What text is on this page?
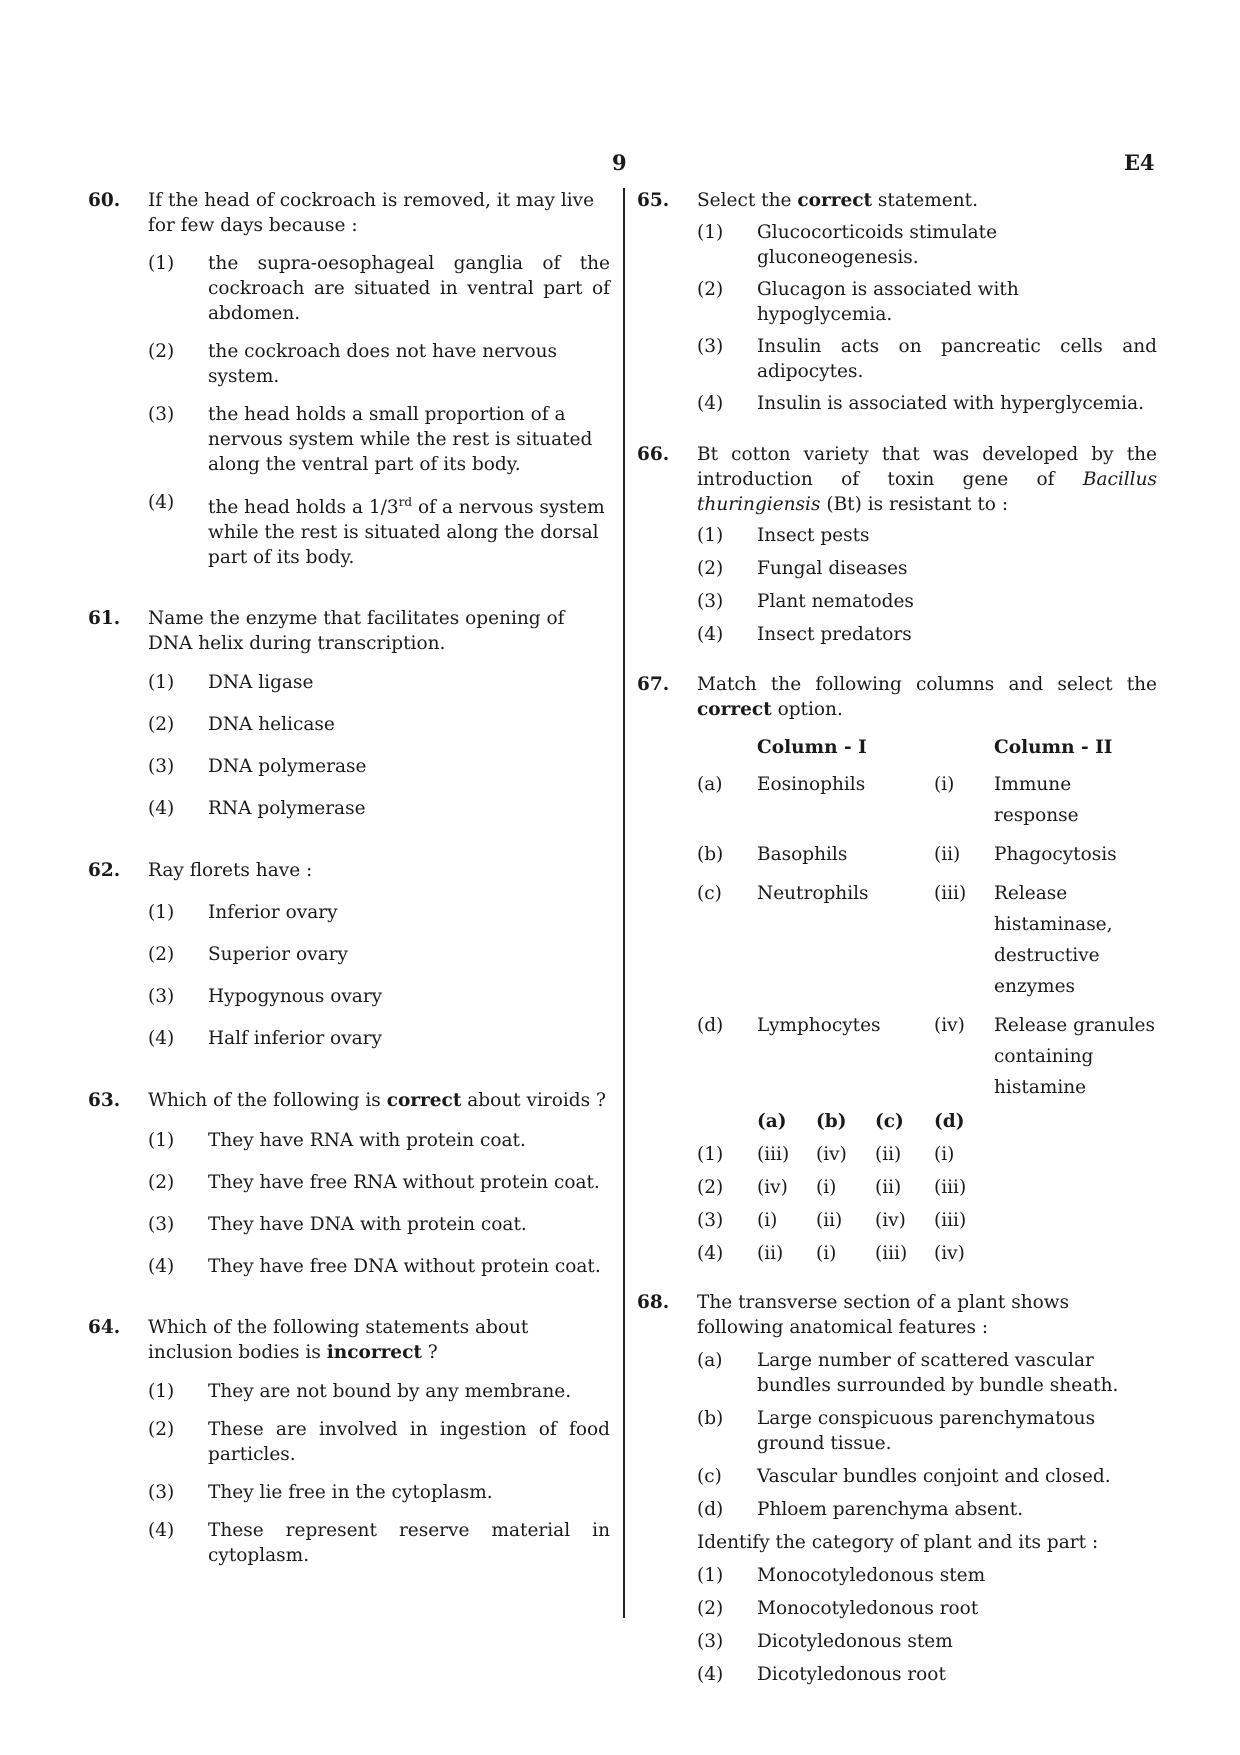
9	E4
60.	If the head of cockroach is removed, it may live for few days because :
(1)	the supra-oesophageal ganglia of the cockroach are situated in ventral part of abdomen.
(2)	the cockroach does not have nervous system.
(3)	the head holds a small proportion of a nervous system while the rest is situated along the ventral part of its body.
(4)	the head holds a 1/3rd of a nervous system while the rest is situated along the dorsal part of its body.
61.	Name the enzyme that facilitates opening of DNA helix during transcription.
(1)	DNA ligase
(2)	DNA helicase
(3)	DNA polymerase
(4)	RNA polymerase
62.	Ray florets have :
(1)	Inferior ovary
(2)	Superior ovary
(3)	Hypogynous ovary
(4)	Half inferior ovary
63.	Which of the following is correct about viroids ?
(1)	They have RNA with protein coat.
(2)	They have free RNA without protein coat.
(3)	They have DNA with protein coat.
(4)	They have free DNA without protein coat.
64.	Which of the following statements about inclusion bodies is incorrect ?
(1)	They are not bound by any membrane.
(2)	These are involved in ingestion of food particles.
(3)	They lie free in the cytoplasm.
(4)	These represent reserve material in cytoplasm.
65.	Select the correct statement.
(1)	Glucocorticoids stimulate gluconeogenesis.
(2)	Glucagon is associated with hypoglycemia.
(3)	Insulin acts on pancreatic cells and adipocytes.
(4)	Insulin is associated with hyperglycemia.
66.	Bt cotton variety that was developed by the introduction of toxin gene of Bacillus thuringiensis (Bt) is resistant to :
(1)	Insect pests
(2)	Fungal diseases
(3)	Plant nematodes
(4)	Insect predators
67.	Match the following columns and select the correct option.
Column - I	Column - II
(a)	Eosinophils	(i)	Immune response
(b)	Basophils	(ii)	Phagocytosis
(c)	Neutrophils	(iii)	Release
histaminase,
destructive
enzymes
(d)	Lymphocytes	(iv)	Release granules
containing
histamine
(a)	(b)	(c)	(d)
(1)	(iii)	(iv)	(ii)	(i)
(2)	(iv)	(i)	(ii)	(iii)
(3)	(i)	(ii)	(iv)	(iii)
(4)	(ii)	(i)	(iii)	(iv)
68.	The transverse section of a plant shows following anatomical features :
(a)	Large number of scattered vascular bundles surrounded by bundle sheath.
(b)	Large conspicuous parenchymatous ground tissue.
(c)	Vascular bundles conjoint and closed.
(d)	Phloem parenchyma absent.
Identify the category of plant and its part :
(1)	Monocotyledonous stem
(2)	Monocotyledonous root
(3)	Dicotyledonous stem
(4)	Dicotyledonous root
